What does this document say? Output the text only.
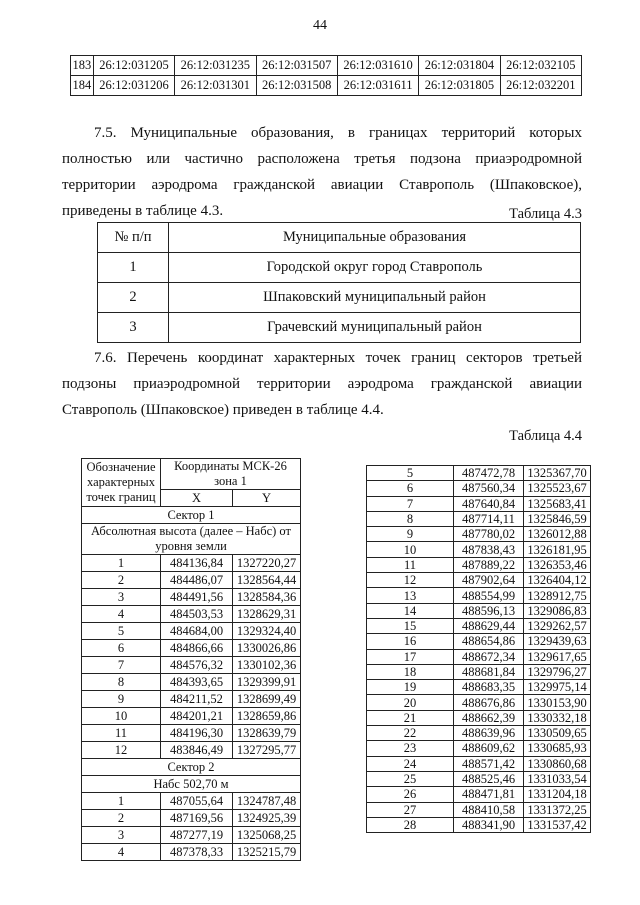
44
183	26:12:031205	26:12:031235	26:12:031507	26:12:031610	26:12:031804	26:12:032105
184	26:12:031206	26:12:031301	26:12:031508	26:12:031611	26:12:031805	26:12:032201

7.5. Муниципальные образования, в границах территорий которых полностью или частично расположена третья подзона приаэродромной территории аэродрома гражданской авиации Ставрополь (Шпаковское), приведены в таблице 4.3.	Таблица 4.3
№ п/п	Муниципальные образования
1	Городской округ город Ставрополь
2	Шпаковский муниципальный район
3	Грачевский муниципальный район

7.6. Перечень координат характерных точек границ секторов третьей подзоны приаэродромной территории аэродрома гражданской авиации Ставрополь (Шпаковское) приведен в таблице 4.4.

Таблица 4.4
Обозначение характерных точек границ	Координаты МСК-26 зона 1	

	X	Y
Сектор 1		
Абсолютная высота (далее – Набс) от уровня земли		
1	484136,84	1327220,27
2	484486,07	1328564,44
3	484491,56	1328584,36
4	484503,53	1328629,31
5	484684,00	1329324,40
6	484866,66	1330026,86
7	484576,32	1330102,36
8	484393,65	1329399,91
9	484211,52	1328699,49
10	484201,21	1328659,86
11	484196,30	1328639,79
12	483846,49	1327295,77
Сектор 2		
Набс 502,70 м		
1	487055,64	1324787,48
2	487169,56	1324925,39
3	487277,19	1325068,25
4	487378,33	1325215,79
5	487472,78	1325367,70
6	487560,34	1325523,67
7	487640,84	1325683,41
8	487714,11	1325846,59
9	487780,02	1326012,88
10	487838,43	1326181,95
11	487889,22	1326353,46
12	487902,64	1326404,12
13	488554,99	1328912,75
14	488596,13	1329086,83
15	488629,44	1329262,57
16	488654,86	1329439,63
17	488672,34	1329617,65
18	488681,84	1329796,27
19	488683,35	1329975,14
20	488676,86	1330153,90
21	488662,39	1330332,18
22	488639,96	1330509,65
23	488609,62	1330685,93
24	488571,42	1330860,68
25	488525,46	1331033,54
26	488471,81	1331204,18
27	488410,58	1331372,25
28	488341,90	1331537,42
